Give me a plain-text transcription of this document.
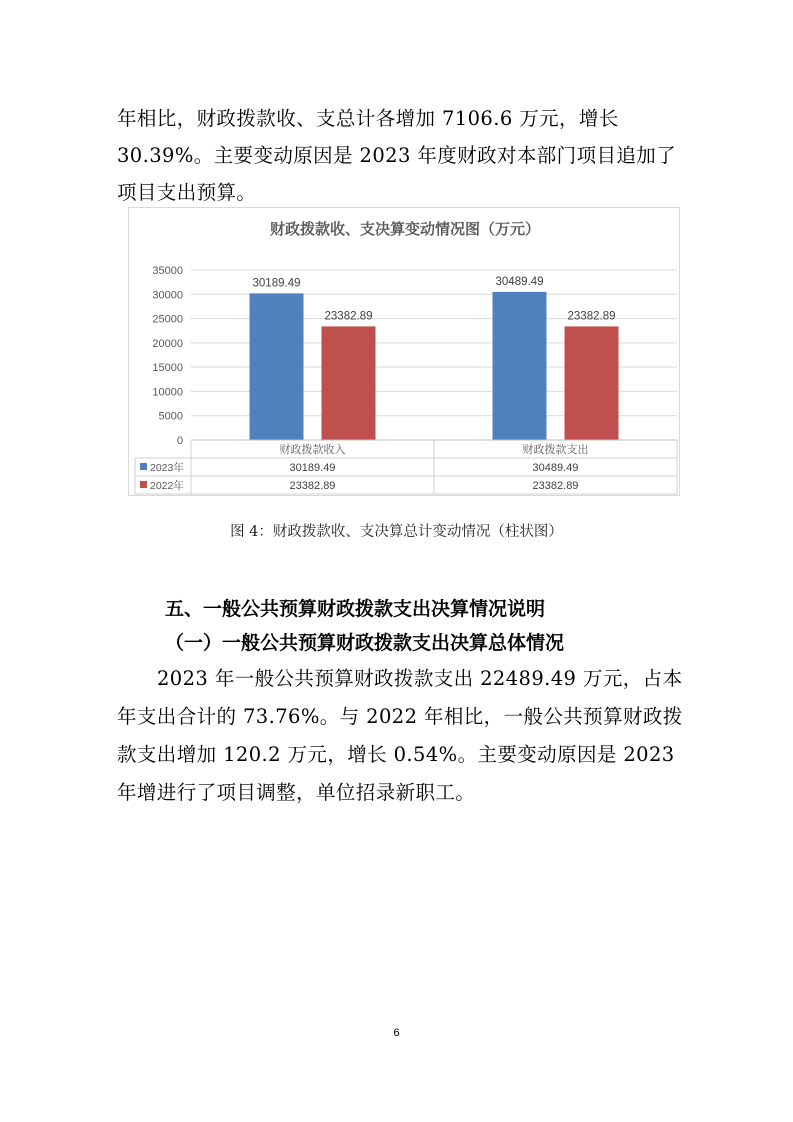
年相比，财政拨款收、支总计各增加 7106.6 万元，增长 30.39%。主要变动原因是 2023 年度财政对本部门项目追加了项目支出预算。

财政拨款收、支决算变动情况图（万元）
0
5000
10000
15000
20000
25000
30000
35000
30189.49
23382.89
30489.49
23382.89
财政拨款收入	财政拨款支出
2023年	30189.49	30489.49
2022年	23382.89	23382.89
图 4：财政拨款收、支决算总计变动情况（柱状图）

五、一般公共预算财政拨款支出决算情况说明

（一）一般公共预算财政拨款支出决算总体情况

2023 年一般公共预算财政拨款支出 22489.49 万元，占本年支出合计的 73.76%。与 2022 年相比，一般公共预算财政拨款支出增加 120.2 万元，增长 0.54%。主要变动原因是 2023 年增进行了项目调整，单位招录新职工。

6
